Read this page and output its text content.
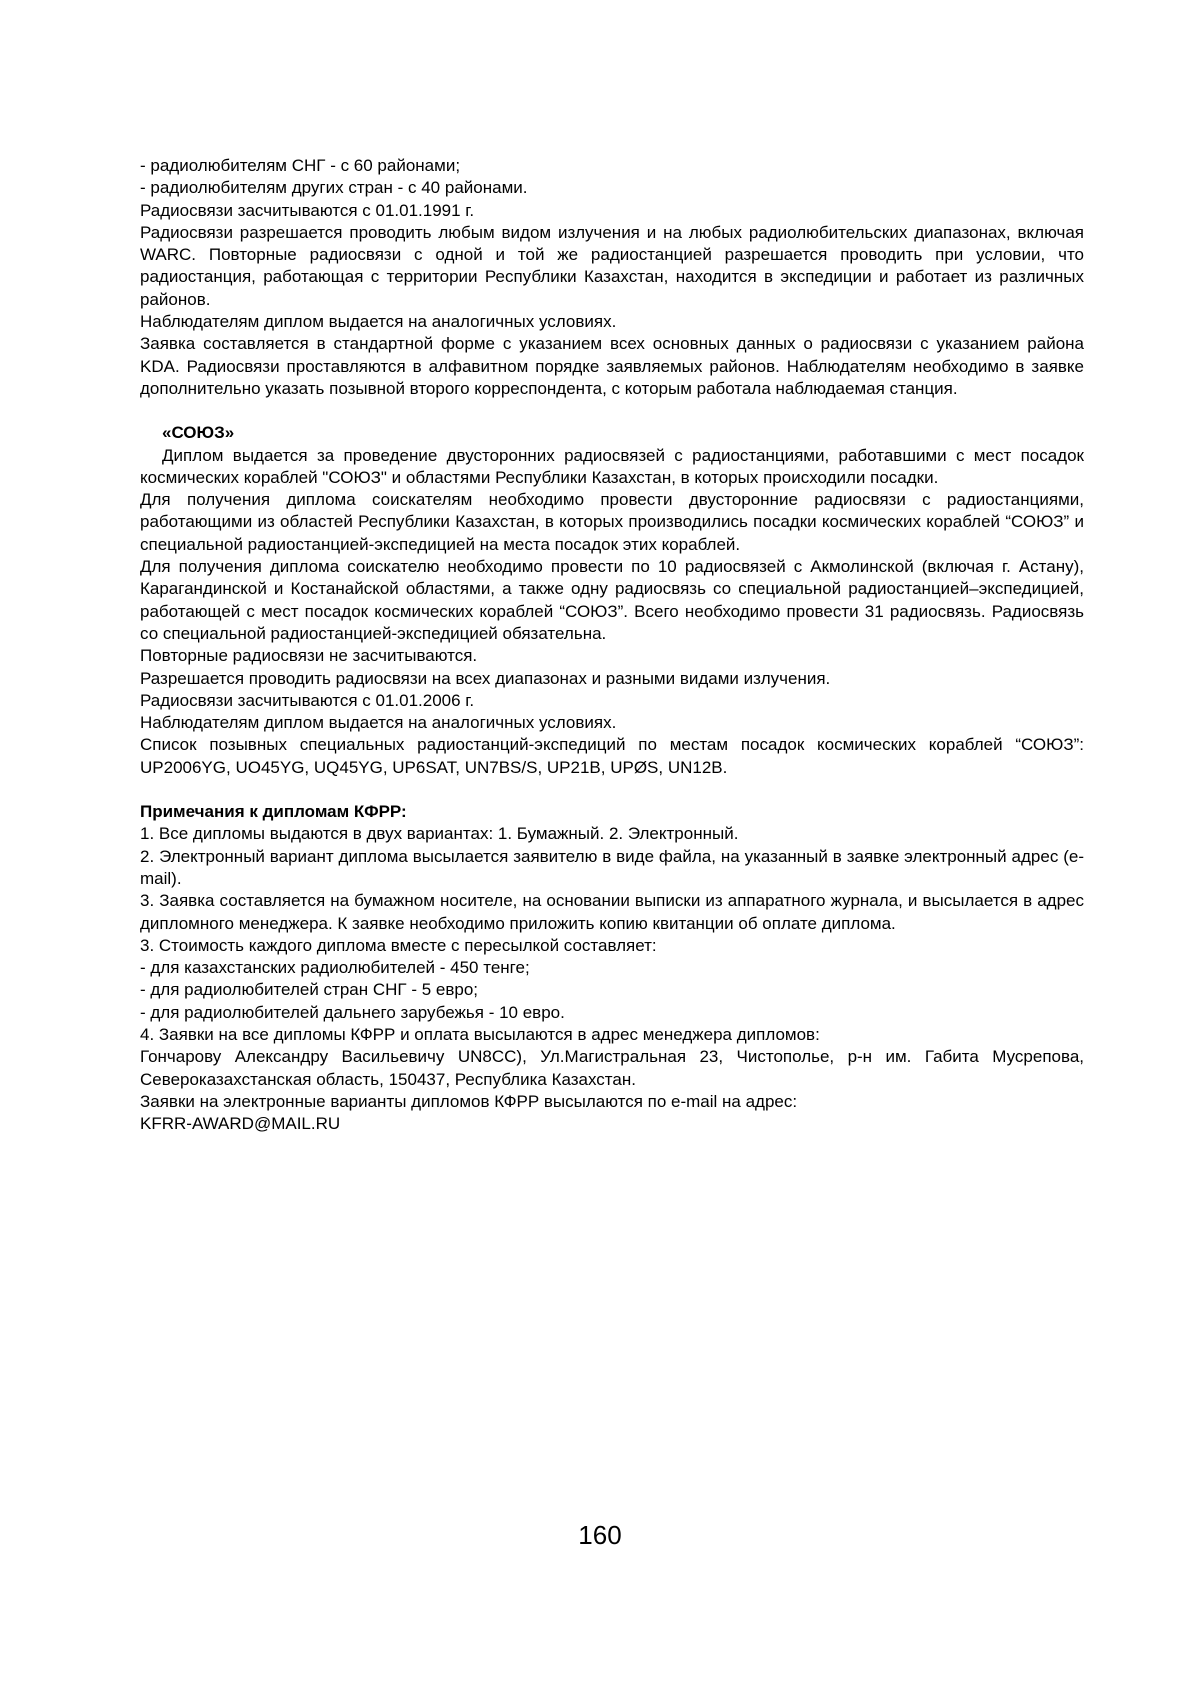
- радиолюбителям СНГ - с 60 районами;

- радиолюбителям других стран - с 40 районами.

Радиосвязи засчитываются с 01.01.1991 г.

Радиосвязи разрешается проводить любым видом излучения и на любых радиолюбительских диапазонах, включая WARC. Повторные радиосвязи с одной и той же радиостанцией разрешается проводить при условии, что радиостанция, работающая с территории Республики Казахстан, находится в экспедиции и работает из различных районов.

Наблюдателям диплом выдается на аналогичных условиях.

Заявка составляется в стандартной форме с указанием всех основных данных о радиосвязи с указанием района KDA. Радиосвязи проставляются в алфавитном порядке заявляемых районов. Наблюдателям необходимо в заявке дополнительно указать позывной второго корреспондента, с которым работала наблюдаемая станция.

«СОЮЗ»

Диплом выдается за проведение двусторонних радиосвязей с радиостанциями, работавшими с мест посадок космических кораблей "СОЮЗ" и областями Республики Казахстан, в которых происходили посадки.

Для получения диплома соискателям необходимо провести двусторонние радиосвязи с радиостанциями, работающими из областей Республики Казахстан, в которых производились посадки космических кораблей “СОЮЗ” и специальной радиостанцией-экспедицией на места посадок этих кораблей.

Для получения диплома соискателю необходимо провести по 10 радиосвязей с Акмолинской (включая г. Астану), Карагандинской и Костанайской областями, а также одну радиосвязь со специальной радиостанцией–экспедицией, работающей с мест посадок космических кораблей “СОЮЗ”. Всего необходимо провести 31 радиосвязь. Радиосвязь со специальной радиостанцией-экспедицией обязательна.

Повторные радиосвязи не засчитываются.

Разрешается проводить радиосвязи на всех диапазонах и разными видами излучения.

Радиосвязи засчитываются с 01.01.2006 г.

Наблюдателям диплом выдается на аналогичных условиях.

Список позывных специальных радиостанций-экспедиций по местам посадок космических кораблей “СОЮЗ”: UP2006YG, UO45YG, UQ45YG, UP6SAT, UN7BS/S, UP21B, UPØS, UN12B.

Примечания к дипломам КФРР:

1. Все дипломы выдаются в двух вариантах: 1. Бумажный. 2. Электронный.

2. Электронный вариант диплома высылается заявителю в виде файла, на указанный в заявке электронный адрес (e-mail).

3. Заявка составляется на бумажном носителе, на основании выписки из аппаратного журнала, и высылается в адрес дипломного менеджера. К заявке необходимо приложить копию квитанции об оплате диплома.

3. Стоимость каждого диплома вместе с пересылкой составляет:

- для казахстанских радиолюбителей - 450 тенге;

- для радиолюбителей стран СНГ - 5 евро;

- для радиолюбителей дальнего зарубежья - 10 евро.

4. Заявки на все дипломы КФРР и оплата высылаются в адрес менеджера дипломов:

Гончарову Александру Васильевичу UN8CC), Ул.Магистральная 23, Чистополье, р-н им. Габита Мусрепова, Североказахстанская область, 150437, Республика Казахстан.

Заявки на электронные варианты дипломов КФРР высылаются по e-mail на адрес:

KFRR-AWARD@MAIL.RU

160
